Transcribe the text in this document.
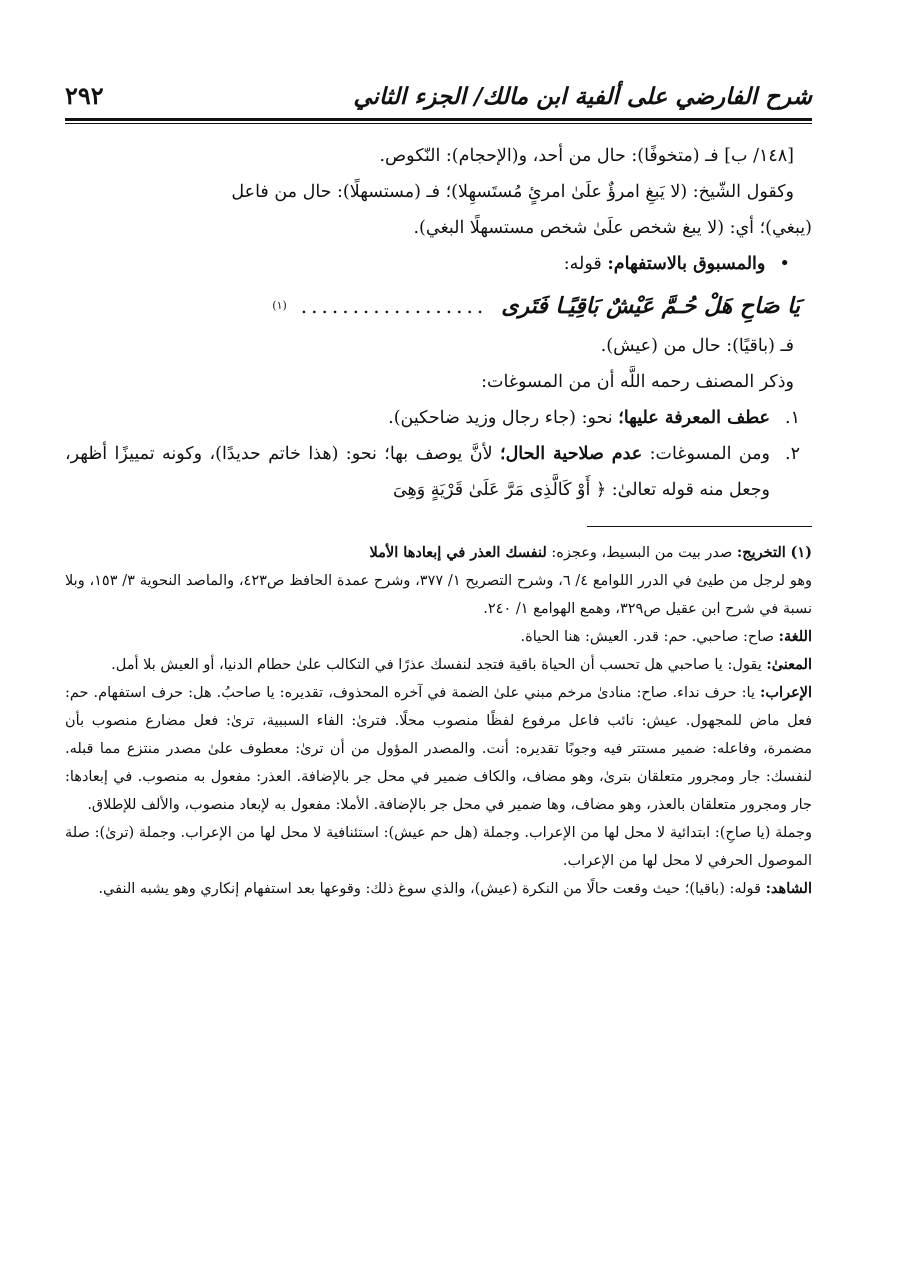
شرح الفارضي على ألفية ابن مالك/ الجزء الثاني
٢٩٢

[١٤٨/ ب] فـ (متخوفًا): حال من أحد، و(الإحجام): النّكوص.

وكقول الشّيخ: (لا يَبغِ امرؤٌ علَىٰ امرئٍ مُستَسهِلا)؛ فـ (مستسهلًا): حال من فاعل

(يبغي)؛ أي: (لا يبغ شخص علَىٰ شخص مستسهلًا البغي).

•
والمسبوق بالاستفهام:

قوله:
يَا صَاحِ هَلْ حُـمَّ عَيْشٌ بَاقِيًـا فَتَرى
..................
(١)

فـ (باقيًا): حال من (عيش).

وذكر المصنف رحمه اللَّه أن من المسوغات:

١.
عطف المعرفة عليها؛ نحو: (جاء رجال وزيد ضاحكين).
٢.
ومن المسوغات: عدم صلاحية الحال؛ لأنَّ يوصف بها؛ نحو: (هذا خاتم حديدًا)، وكونه تمييزًا أظهر، وجعل منه قوله تعالىٰ: ﴿ أَوْ كَالَّذِى مَرَّ عَلَىٰ قَرْيَةٍ وَهِىَ

(١) التخريج: صدر بيت من البسيط، وعجزه: لنفسك العذر في إبعادها الأملا

وهو لرجل من طيئ في الدرر اللوامع ٤/ ٦، وشرح التصريح ١/ ٣٧٧، وشرح عمدة الحافظ ص٤٢٣، والماصد النحوية ٣/ ١٥٣، وبلا نسبة في شرح ابن عقيل ص٣٢٩، وهمع الهوامع ١/ ٢٤٠.

اللغة: صاح: صاحبي. حم: قدر. العيش: هنا الحياة.

المعنىٰ: يقول: يا صاحبي هل تحسب أن الحياة باقية فتجد لنفسك عذرًا في التكالب علىٰ حطام الدنيا، أو العيش بلا أمل.

الإعراب: يا: حرف نداء. صاح: منادىٰ مرخم مبني علىٰ الضمة في آخره المحذوف، تقديره: يا صاحبُ. هل: حرف استفهام. حم: فعل ماض للمجهول. عيش: نائب فاعل مرفوع لفظًا منصوب محلًا. فترىٰ: الفاء السببية، ترىٰ: فعل مضارع منصوب بأن مضمرة، وفاعله: ضمير مستتر فيه وجوبًا تقديره: أنت. والمصدر المؤول من أن ترىٰ: معطوف علىٰ مصدر منتزع مما قبله. لنفسك: جار ومجرور متعلقان بترىٰ، وهو مضاف، والكاف ضمير في محل جر بالإضافة. العذر: مفعول به منصوب. في إبعادها: جار ومجرور متعلقان بالعذر، وهو مضاف، وها ضمير في محل جر بالإضافة. الأملا: مفعول به لإبعاد منصوب، والألف للإطلاق.

وجملة (يا صاحِ): ابتدائية لا محل لها من الإعراب. وجملة (هل حم عيش): استئنافية لا محل لها من الإعراب. وجملة (ترىٰ): صلة الموصول الحرفي لا محل لها من الإعراب.

الشاهد: قوله: (باقيا)؛ حيث وقعت حالًا من النكرة (عيش)، والذي سوغ ذلك: وقوعها بعد استفهام إنكاري وهو يشبه النفي.
